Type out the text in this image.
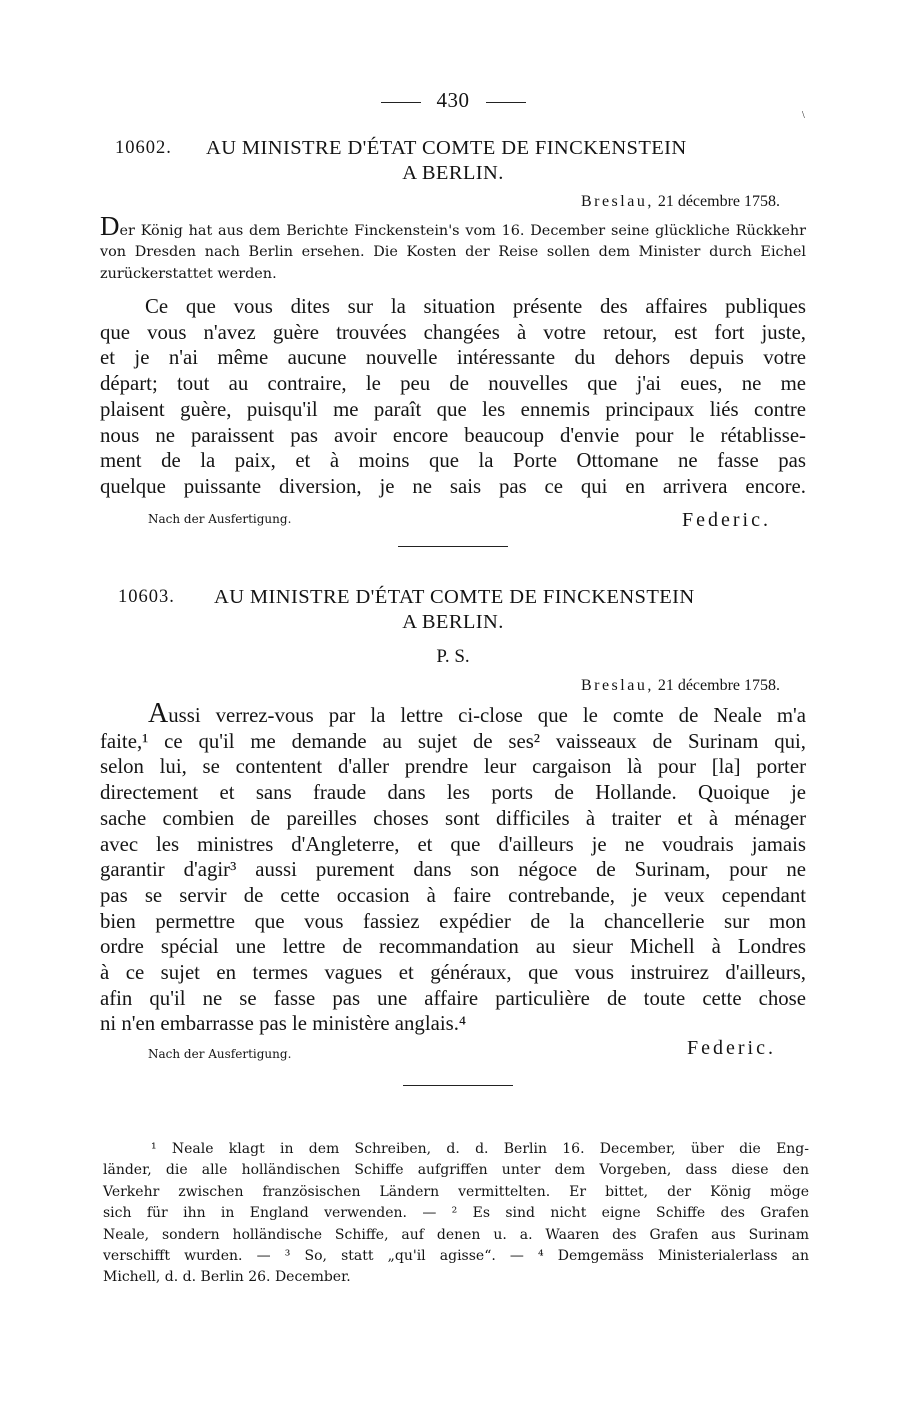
430
\
10602. AU MINISTRE D'ÉTAT COMTE DE FINCKENSTEIN
A BERLIN.
Breslau, 21 décembre 1758.
Der König hat aus dem Berichte Finckenstein's vom 16. December seine glückliche Rückkehr von Dresden nach Berlin ersehen. Die Kosten der Reise sollen dem Minister durch Eichel zurückerstattet werden.
Ce que vous dites sur la situation présente des affaires publiques
que vous n'avez guère trouvées changées à votre retour, est fort juste,
et je n'ai même aucune nouvelle intéressante du dehors depuis votre
départ; tout au contraire, le peu de nouvelles que j'ai eues, ne me
plaisent guère, puisqu'il me paraît que les ennemis principaux liés contre
nous ne paraissent pas avoir encore beaucoup d'envie pour le rétablisse-
ment de la paix, et à moins que la Porte Ottomane ne fasse pas
quelque puissante diversion, je ne sais pas ce qui en arrivera encore.
Nach der Ausfertigung.	Federic.
10603. AU MINISTRE D'ÉTAT COMTE DE FINCKENSTEIN
A BERLIN.
P. S.
Breslau, 21 décembre 1758.
Aussi verrez-vous par la lettre ci-close que le comte de Neale m'a
faite,¹ ce qu'il me demande au sujet de ses² vaisseaux de Surinam qui,
selon lui, se contentent d'aller prendre leur cargaison là pour [la] porter
directement et sans fraude dans les ports de Hollande. Quoique je
sache combien de pareilles choses sont difficiles à traiter et à ménager
avec les ministres d'Angleterre, et que d'ailleurs je ne voudrais jamais
garantir d'agir³ aussi purement dans son négoce de Surinam, pour ne
pas se servir de cette occasion à faire contrebande, je veux cependant
bien permettre que vous fassiez expédier de la chancellerie sur mon
ordre spécial une lettre de recommandation au sieur Michell à Londres
à ce sujet en termes vagues et généraux, que vous instruirez d'ailleurs,
afin qu'il ne se fasse pas une affaire particulière de toute cette chose
ni n'en embarrasse pas le ministère anglais.⁴
Nach der Ausfertigung.	Federic.
¹ Neale klagt in dem Schreiben, d. d. Berlin 16. December, über die Eng-
länder, die alle holländischen Schiffe aufgriffen unter dem Vorgeben, dass diese den
Verkehr zwischen französischen Ländern vermittelten. Er bittet, der König möge
sich für ihn in England verwenden. — ² Es sind nicht eigne Schiffe des Grafen
Neale, sondern holländische Schiffe, auf denen u. a. Waaren des Grafen aus Surinam
verschifft wurden. — ³ So, statt „qu'il agisse“. — ⁴ Demgemäss Ministerialerlass an
Michell, d. d. Berlin 26. December.
